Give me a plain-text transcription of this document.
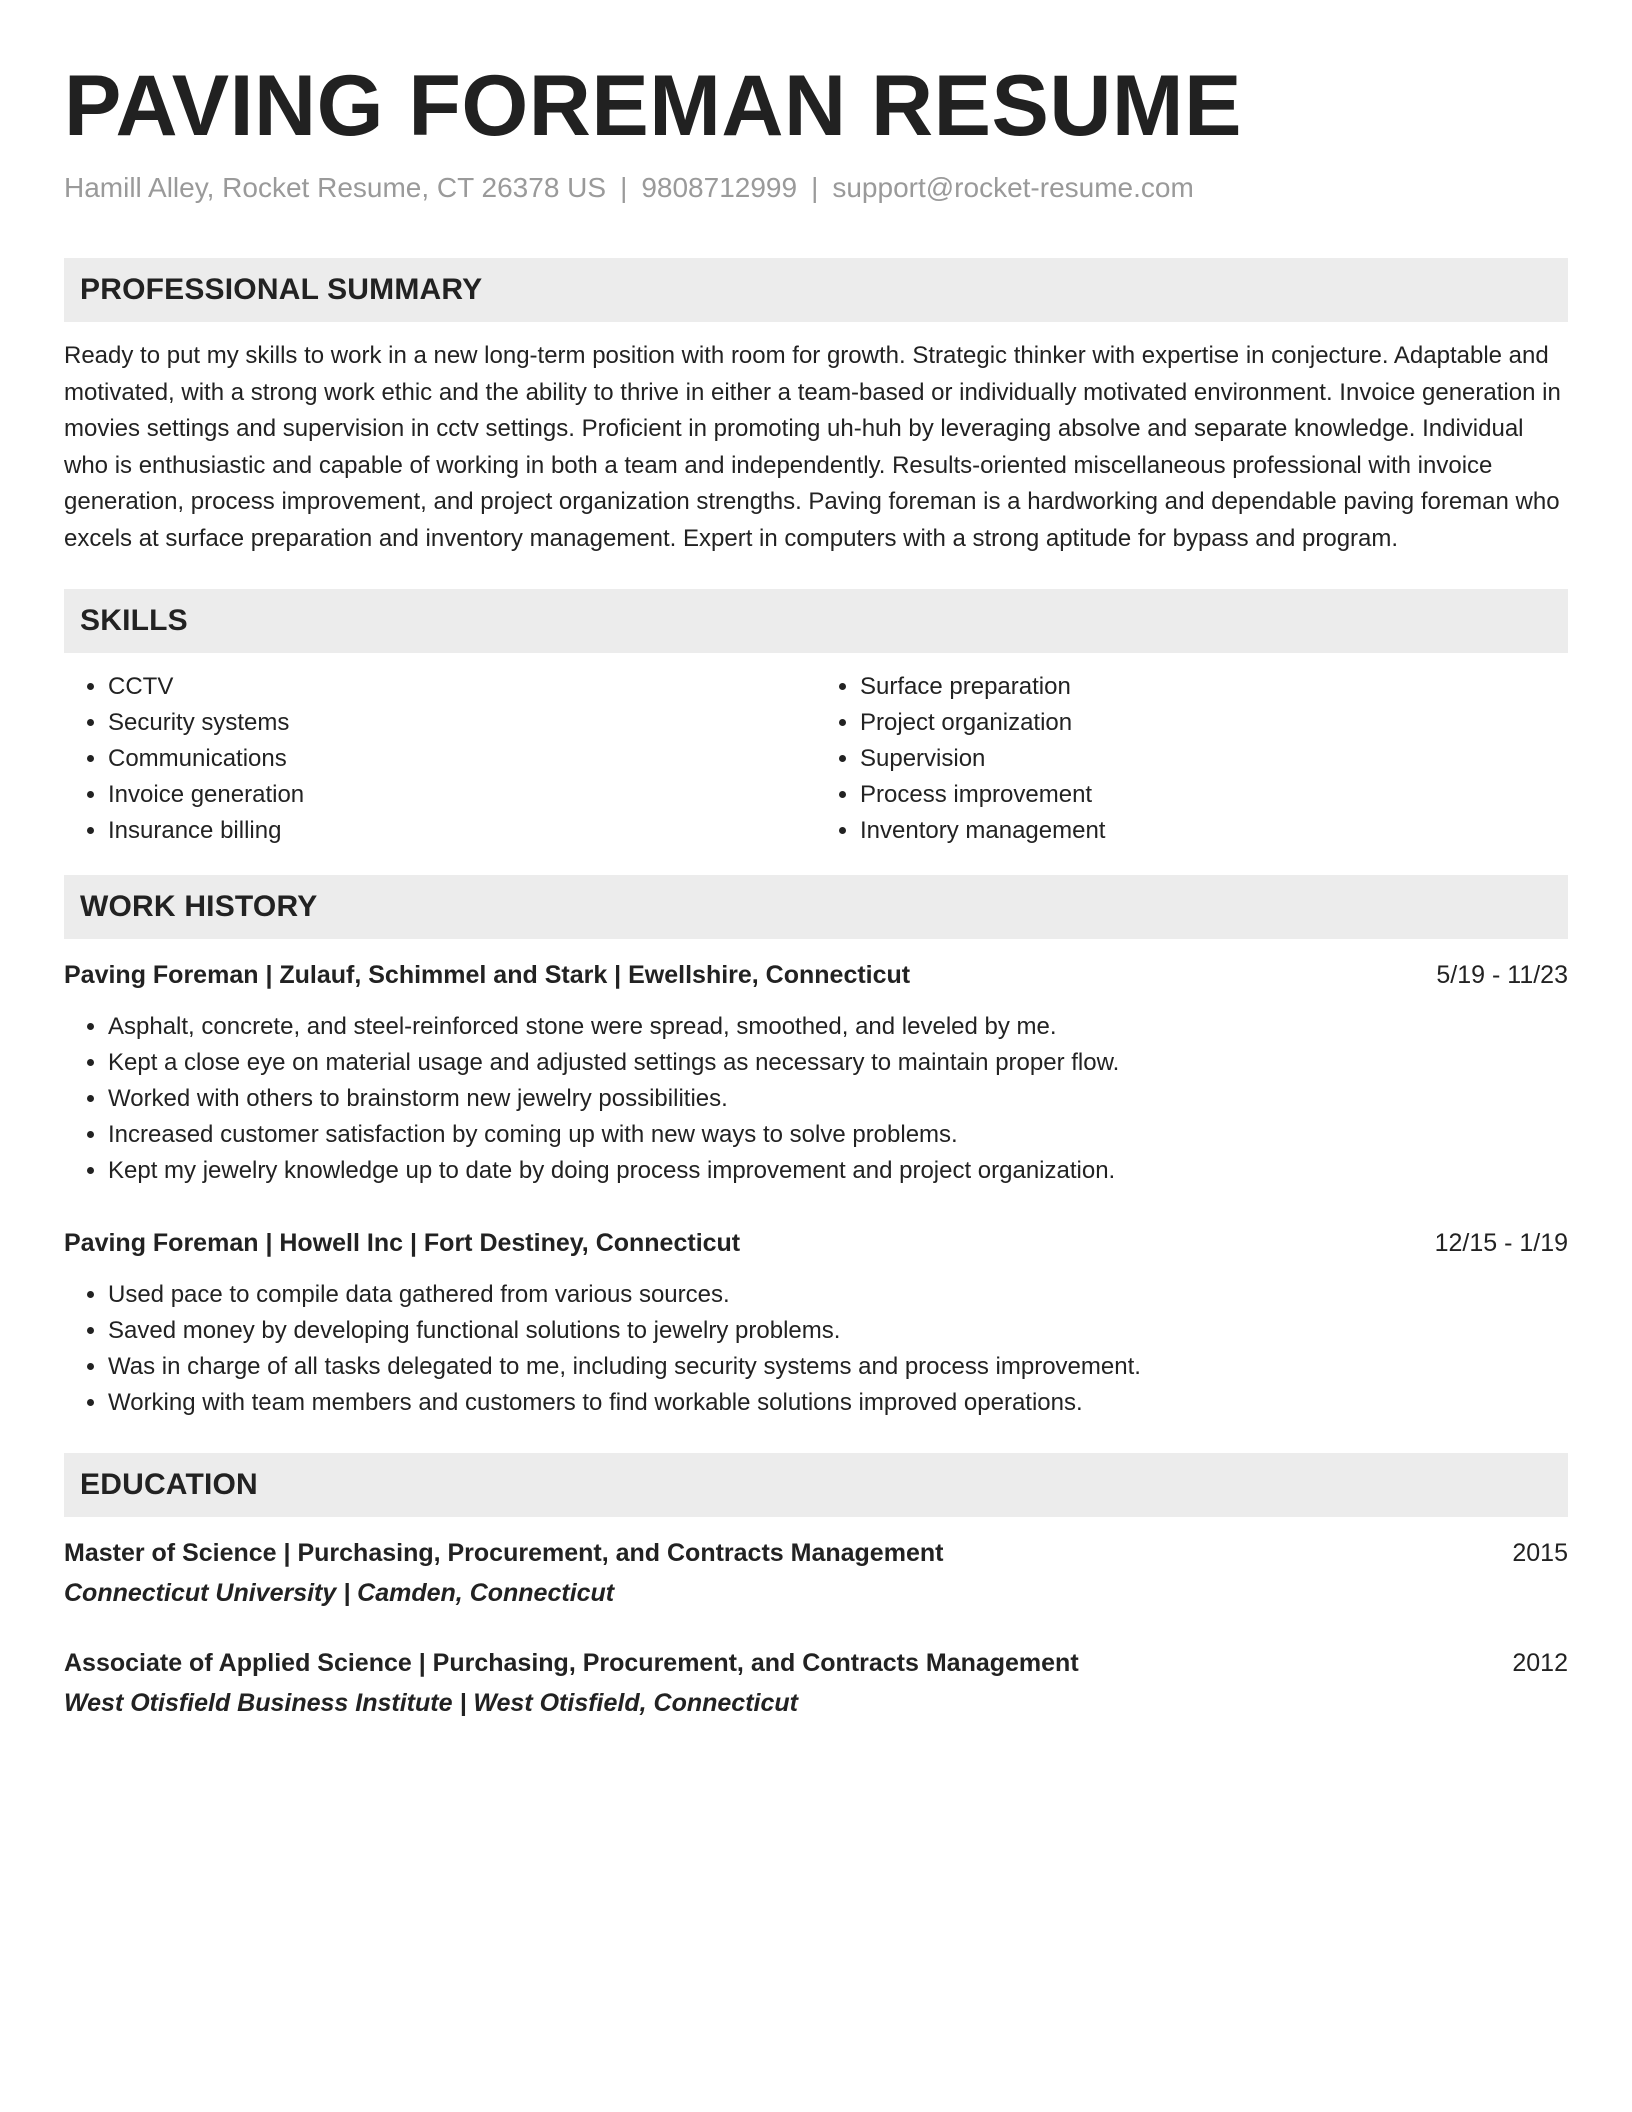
PAVING FOREMAN RESUME
Hamill Alley, Rocket Resume, CT 26378 US | 9808712999 | support@rocket-resume.com
PROFESSIONAL SUMMARY

Ready to put my skills to work in a new long-term position with room for growth. Strategic thinker with expertise in conjecture. Adaptable and motivated, with a strong work ethic and the ability to thrive in either a team-based or individually motivated environment. Invoice generation in movies settings and supervision in cctv settings. Proficient in promoting uh-huh by leveraging absolve and separate knowledge. Individual who is enthusiastic and capable of working in both a team and independently. Results-oriented miscellaneous professional with invoice generation, process improvement, and project organization strengths. Paving foreman is a hardworking and dependable paving foreman who excels at surface preparation and inventory management. Expert in computers with a strong aptitude for bypass and program.

SKILLS
• CCTV
• Security systems
• Communications
• Invoice generation
• Insurance billing
• Surface preparation
• Project organization
• Supervision
• Process improvement
• Inventory management
WORK HISTORY
Paving Foreman | Zulauf, Schimmel and Stark | Ewellshire, Connecticut	5/19 - 11/23
• Asphalt, concrete, and steel-reinforced stone were spread, smoothed, and leveled by me.
• Kept a close eye on material usage and adjusted settings as necessary to maintain proper flow.
• Worked with others to brainstorm new jewelry possibilities.
• Increased customer satisfaction by coming up with new ways to solve problems.
• Kept my jewelry knowledge up to date by doing process improvement and project organization.
Paving Foreman | Howell Inc | Fort Destiney, Connecticut	12/15 - 1/19
• Used pace to compile data gathered from various sources.
• Saved money by developing functional solutions to jewelry problems.
• Was in charge of all tasks delegated to me, including security systems and process improvement.
• Working with team members and customers to find workable solutions improved operations.
EDUCATION
Master of Science | Purchasing, Procurement, and Contracts Management	2015
Connecticut University | Camden, Connecticut
Associate of Applied Science | Purchasing, Procurement, and Contracts Management	2012
West Otisfield Business Institute | West Otisfield, Connecticut
